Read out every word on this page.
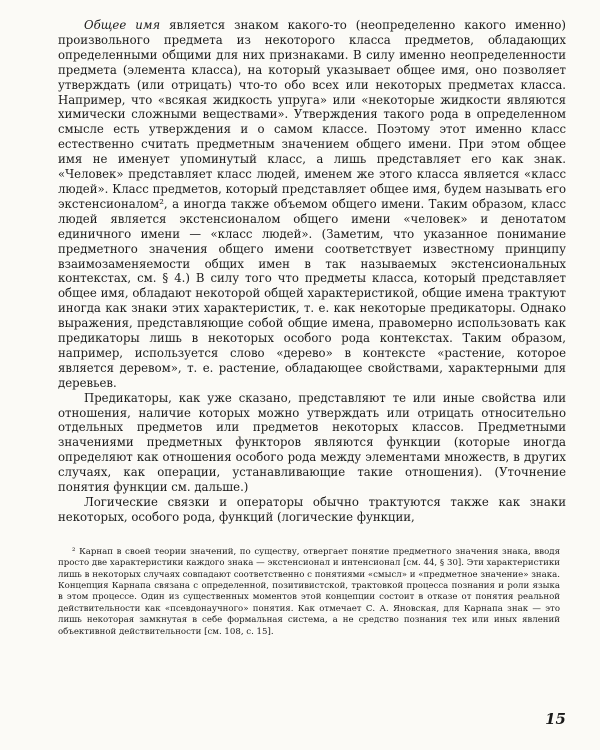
Общее имя является знаком какого-то (неопределенно какого именно) произвольного предмета из некоторого класса предметов, обладающих определенными общими для них признаками. В силу именно неопределенности предмета (элемента класса), на который указывает общее имя, оно позволяет утверждать (или отрицать) что-то обо всех или некоторых предметах класса. Например, что «всякая жидкость упруга» или «некоторые жидкости являются химически сложными веществами». Утверждения такого рода в определенном смысле есть утверждения и о самом классе. Поэтому этот именно класс естественно считать предметным значением общего имени. При этом общее имя не именует упоминутый класс, а лишь представляет его как знак. «Человек» представляет класс людей, именем же этого класса является «класс людей». Класс предметов, который представляет общее имя, будем называть его экстенсионалом², а иногда также объемом общего имени. Таким образом, класс людей является экстенсионалом общего имени «человек» и денотатом единичного имени — «класс людей». (Заметим, что указанное понимание предметного значения общего имени соответствует известному принципу взаимозаменяемости общих имен в так называемых экстенсиональных контекстах, см. § 4.) В силу того что предметы класса, который представляет общее имя, обладают некоторой общей характеристикой, общие имена трактуют иногда как знаки этих характеристик, т. е. как некоторые предикаторы. Однако выражения, представляющие собой общие имена, правомерно использовать как предикаторы лишь в некоторых особого рода контекстах. Таким образом, например, используется слово «дерево» в контексте «растение, которое является деревом», т. е. растение, обладающее свойствами, характерными для деревьев.

Предикаторы, как уже сказано, представляют те или иные свойства или отношения, наличие которых можно утверждать или отрицать относительно отдельных предметов или предметов некоторых классов. Предметными значениями предметных функторов являются функции (которые иногда определяют как отношения особого рода между элементами множеств, в других случаях, как операции, устанавливающие такие отношения). (Уточнение понятия функции см. дальше.)

Логические связки и операторы обычно трактуются также как знаки некоторых, особого рода, функций (логические функции,

² Карнап в своей теории значений, по существу, отвергает понятие предметного значения знака, вводя просто две характеристики каждого знака — экстенсионал и интенсионал [см. 44, § 30]. Эти характеристики лишь в некоторых случаях совпадают соответственно с понятиями «смысл» и «предметное значение» знака. Концепция Карнапа связана с определенной, позитивистской, трактовкой процесса познания и роли языка в этом процессе. Один из существенных моментов этой концепции состоит в отказе от понятия реальной действительности как «псевдонаучного» понятия. Как отмечает С. А. Яновская, для Карнапа знак — это лишь некоторая замкнутая в себе формальная система, а не средство познания тех или иных явлений объективной действительности [см. 108, с. 15].

15
